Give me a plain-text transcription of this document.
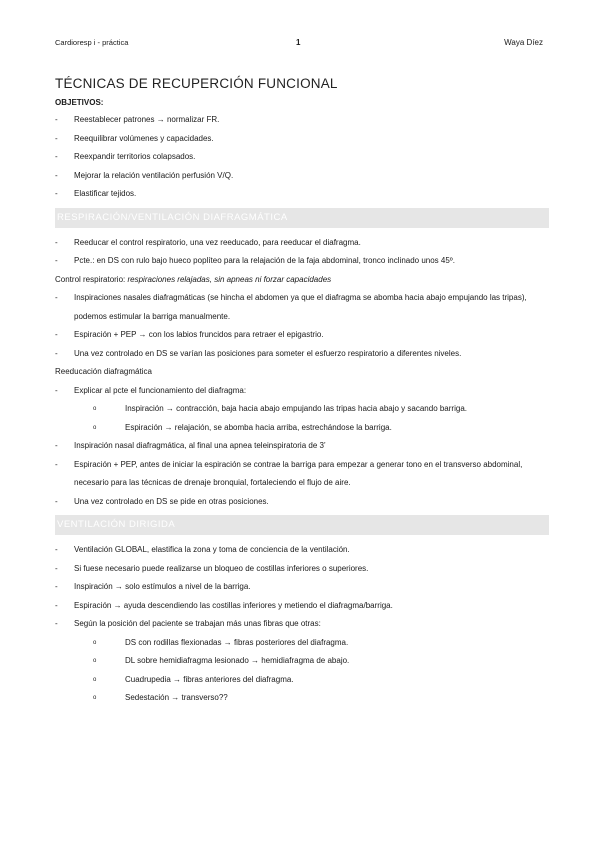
Cardioresp i - práctica	1	Waya Díez
TÉCNICAS DE RECUPERCIÓN FUNCIONAL
OBJETIVOS:
- Reestablecer patrones → normalizar FR.
- Reequilibrar volúmenes y capacidades.
- Reexpandir territorios colapsados.
- Mejorar la relación ventilación perfusión V/Q.
- Elastificar tejidos.
RESPIRACIÓN/VENTILACIÓN DIAFRAGMÁTICA
- Reeducar el control respiratorio, una vez reeducado, para reeducar el diafragma.
- Pcte.: en DS con rulo bajo hueco poplíteo para la relajación de la faja abdominal, tronco inclinado unos 45º.
Control respiratorio: respiraciones relajadas, sin apneas ni forzar capacidades
- Inspiraciones nasales diafragmáticas (se hincha el abdomen ya que el diafragma se abomba hacia abajo empujando las tripas), podemos estimular la barriga manualmente.
- Espiración + PEP → con los labios fruncidos para retraer el epigastrio.
- Una vez controlado en DS se varían las posiciones para someter el esfuerzo respiratorio a diferentes niveles.
Reeducación diafragmática
- Explicar al pcte el funcionamiento del diafragma:
o	Inspiración → contracción, baja hacia abajo empujando las tripas hacia abajo y sacando barriga.
o	Espiración → relajación, se abomba hacia arriba, estrechándose la barriga.
- Inspiración nasal diafragmática, al final una apnea teleinspiratoria de 3’
- Espiración + PEP, antes de iniciar la espiración se contrae la barriga para empezar a generar tono en el transverso abdominal, necesario para las técnicas de drenaje bronquial, fortaleciendo el flujo de aire.
- Una vez controlado en DS se pide en otras posiciones.
VENTILACIÓN DIRIGIDA
- Ventilación GLOBAL, elastifica la zona y toma de conciencia de la ventilación.
- Si fuese necesario puede realizarse un bloqueo de costillas inferiores o superiores.
- Inspiración → solo estímulos a nivel de la barriga.
- Espiración → ayuda descendiendo las costillas inferiores y metiendo el diafragma/barriga.
- Según la posición del paciente se trabajan más unas fibras que otras:
o	DS con rodillas flexionadas → fibras posteriores del diafragma.
o	DL sobre hemidiafragma lesionado → hemidiafragma de abajo.
o	Cuadrupedia → fibras anteriores del diafragma.
o	Sedestación → transverso??
